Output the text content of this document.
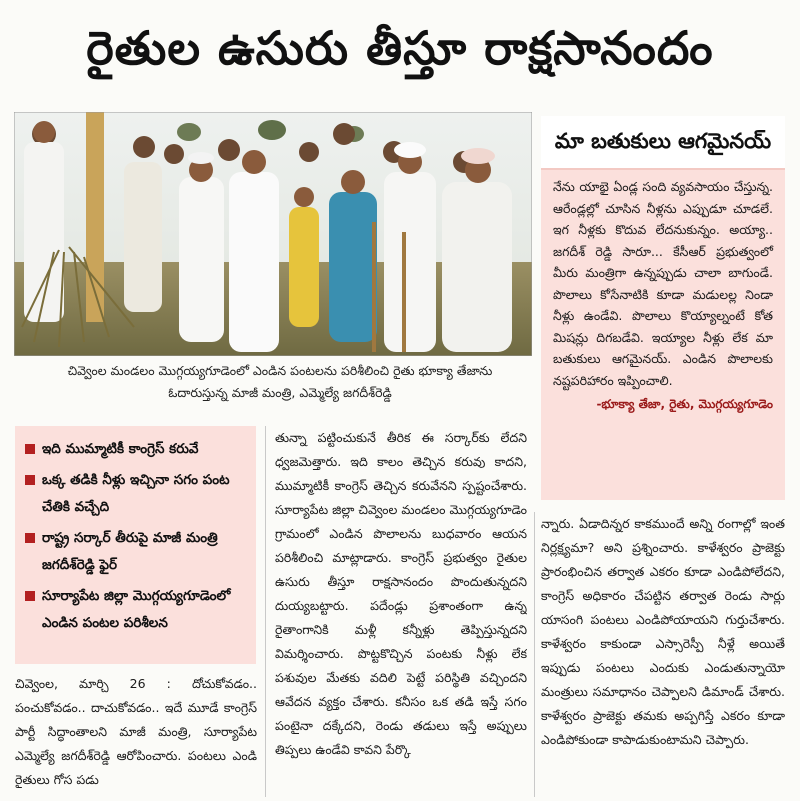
రైతుల ఉసురు తీస్తూ రాక్షసానందం
చివ్వెంల మండలం మొగ్గయ్యగూడెంలో ఎండిన పంటలను పరిశీలించి రైతు భూక్యా తేజాను ఓదారుస్తున్న మాజీ మంత్రి, ఎమ్మెల్యే జగదీశ్‌రెడ్డి
మా బతుకులు ఆగమైనయ్‌

నేను యాభై ఏండ్ల సంది వ్యవసాయం చేస్తున్న. ఆరేండ్లల్లో చూసిన నీళ్లను ఎప్పుడూ చూడలే. ఇగ నీళ్లకు కొదువ లేదనుకున్నం. అయ్యా.. జగదీశ్‌ రెడ్డి సారూ... కేసీఆర్‌ ప్రభుత్వంలో మీరు మంత్రిగా ఉన్నప్పుడు చాలా బాగుండే. పొలాలు కోసేనాటికి కూడా మడులల్ల నిండా నీళ్లు ఉండేవి. పొలాలు కొయ్యాల్నంటే కోత మిషన్లు దిగబడేవి. ఇయ్యాల నీళ్లు లేక మా బతుకులు ఆగమైనయ్‌. ఎండిన పొలాలకు నష్టపరిహారం ఇప్పించాలి.

-భూక్యా తేజా, రైతు, మొగ్గయ్యగూడెం
ఇది ముమ్మాటికీ కాంగ్రెస్‌ కరువే
ఒక్క తడికి నీళ్లు ఇచ్చినా సగం పంట చేతికి వచ్చేది
రాష్ట్ర సర్కార్‌ తీరుపై మాజీ మంత్రి జగదీశ్‌రెడ్డి ఫైర్‌
సూర్యాపేట జిల్లా మొగ్గయ్యగూడెంలో ఎండిన పంటల పరిశీలన
చివ్వెంల, మార్చి 26 : దోచుకోవడం.. పంచుకోవడం.. దాచుకోవడం.. ఇదే మూడే కాంగ్రెస్‌ పార్టీ సిద్ధాంతాలని మాజీ మంత్రి, సూర్యాపేట ఎమ్మెల్యే జగదీశ్‌రెడ్డి ఆరోపించారు. పంటలు ఎండి రైతులు గోస పడు
తున్నా పట్టించుకునే తీరిక ఈ సర్కార్‌కు లేదని ధ్వజమెత్తారు. ఇది కాలం తెచ్చిన కరువు కాదని, ముమ్మాటికీ కాంగ్రెస్‌ తెచ్చిన కరువేనని స్పష్టంచేశారు. సూర్యాపేట జిల్లా చివ్వెంల మండలం మొగ్గయ్యగూడెం గ్రామంలో ఎండిన పొలాలను బుధవారం ఆయన పరిశీలించి మాట్లాడారు. కాంగ్రెస్‌ ప్రభుత్వం రైతుల ఉసురు తీస్తూ రాక్షసానందం పొందుతున్నదని దుయ్యబట్టారు. పదేండ్లు ప్రశాంతంగా ఉన్న రైతాంగానికి మళ్లీ కన్నీళ్లు తెప్పిస్తున్నదని విమర్శించారు. పొట్టకొచ్చిన పంటకు నీళ్లు లేక పశువుల మేతకు వదిలి పెట్టే పరిస్థితి వచ్చిందని ఆవేదన వ్యక్తం చేశారు. కనీసం ఒక తడి ఇస్తే సగం పంటైనా దక్కేదని, రెండు తడులు ఇస్తే అప్పులు తిప్పలు ఉండేవి కావని పేర్కొ
న్నారు. ఏడాదిన్నర కాకముందే అన్ని రంగాల్లో ఇంత నిర్లక్ష్యమా? అని ప్రశ్నించారు. కాళేశ్వరం ప్రాజెక్టు ప్రారంభించిన తర్వాత ఎకరం కూడా ఎండిపోలేదని, కాంగ్రెస్‌ అధికారం చేపట్టిన తర్వాత రెండు సార్లు యాసంగి పంటలు ఎండిపోయాయని గుర్తుచేశారు. కాళేశ్వరం కాకుండా ఎస్సారెస్పీ నీళ్లే అయితే ఇప్పుడు పంటలు ఎందుకు ఎండుతున్నాయో మంత్రులు సమాధానం చెప్పాలని డిమాండ్‌ చేశారు. కాళేశ్వరం ప్రాజెక్టు తమకు అప్పగిస్తే ఎకరం కూడా ఎండిపోకుండా కాపాడుకుంటామని చెప్పారు.
